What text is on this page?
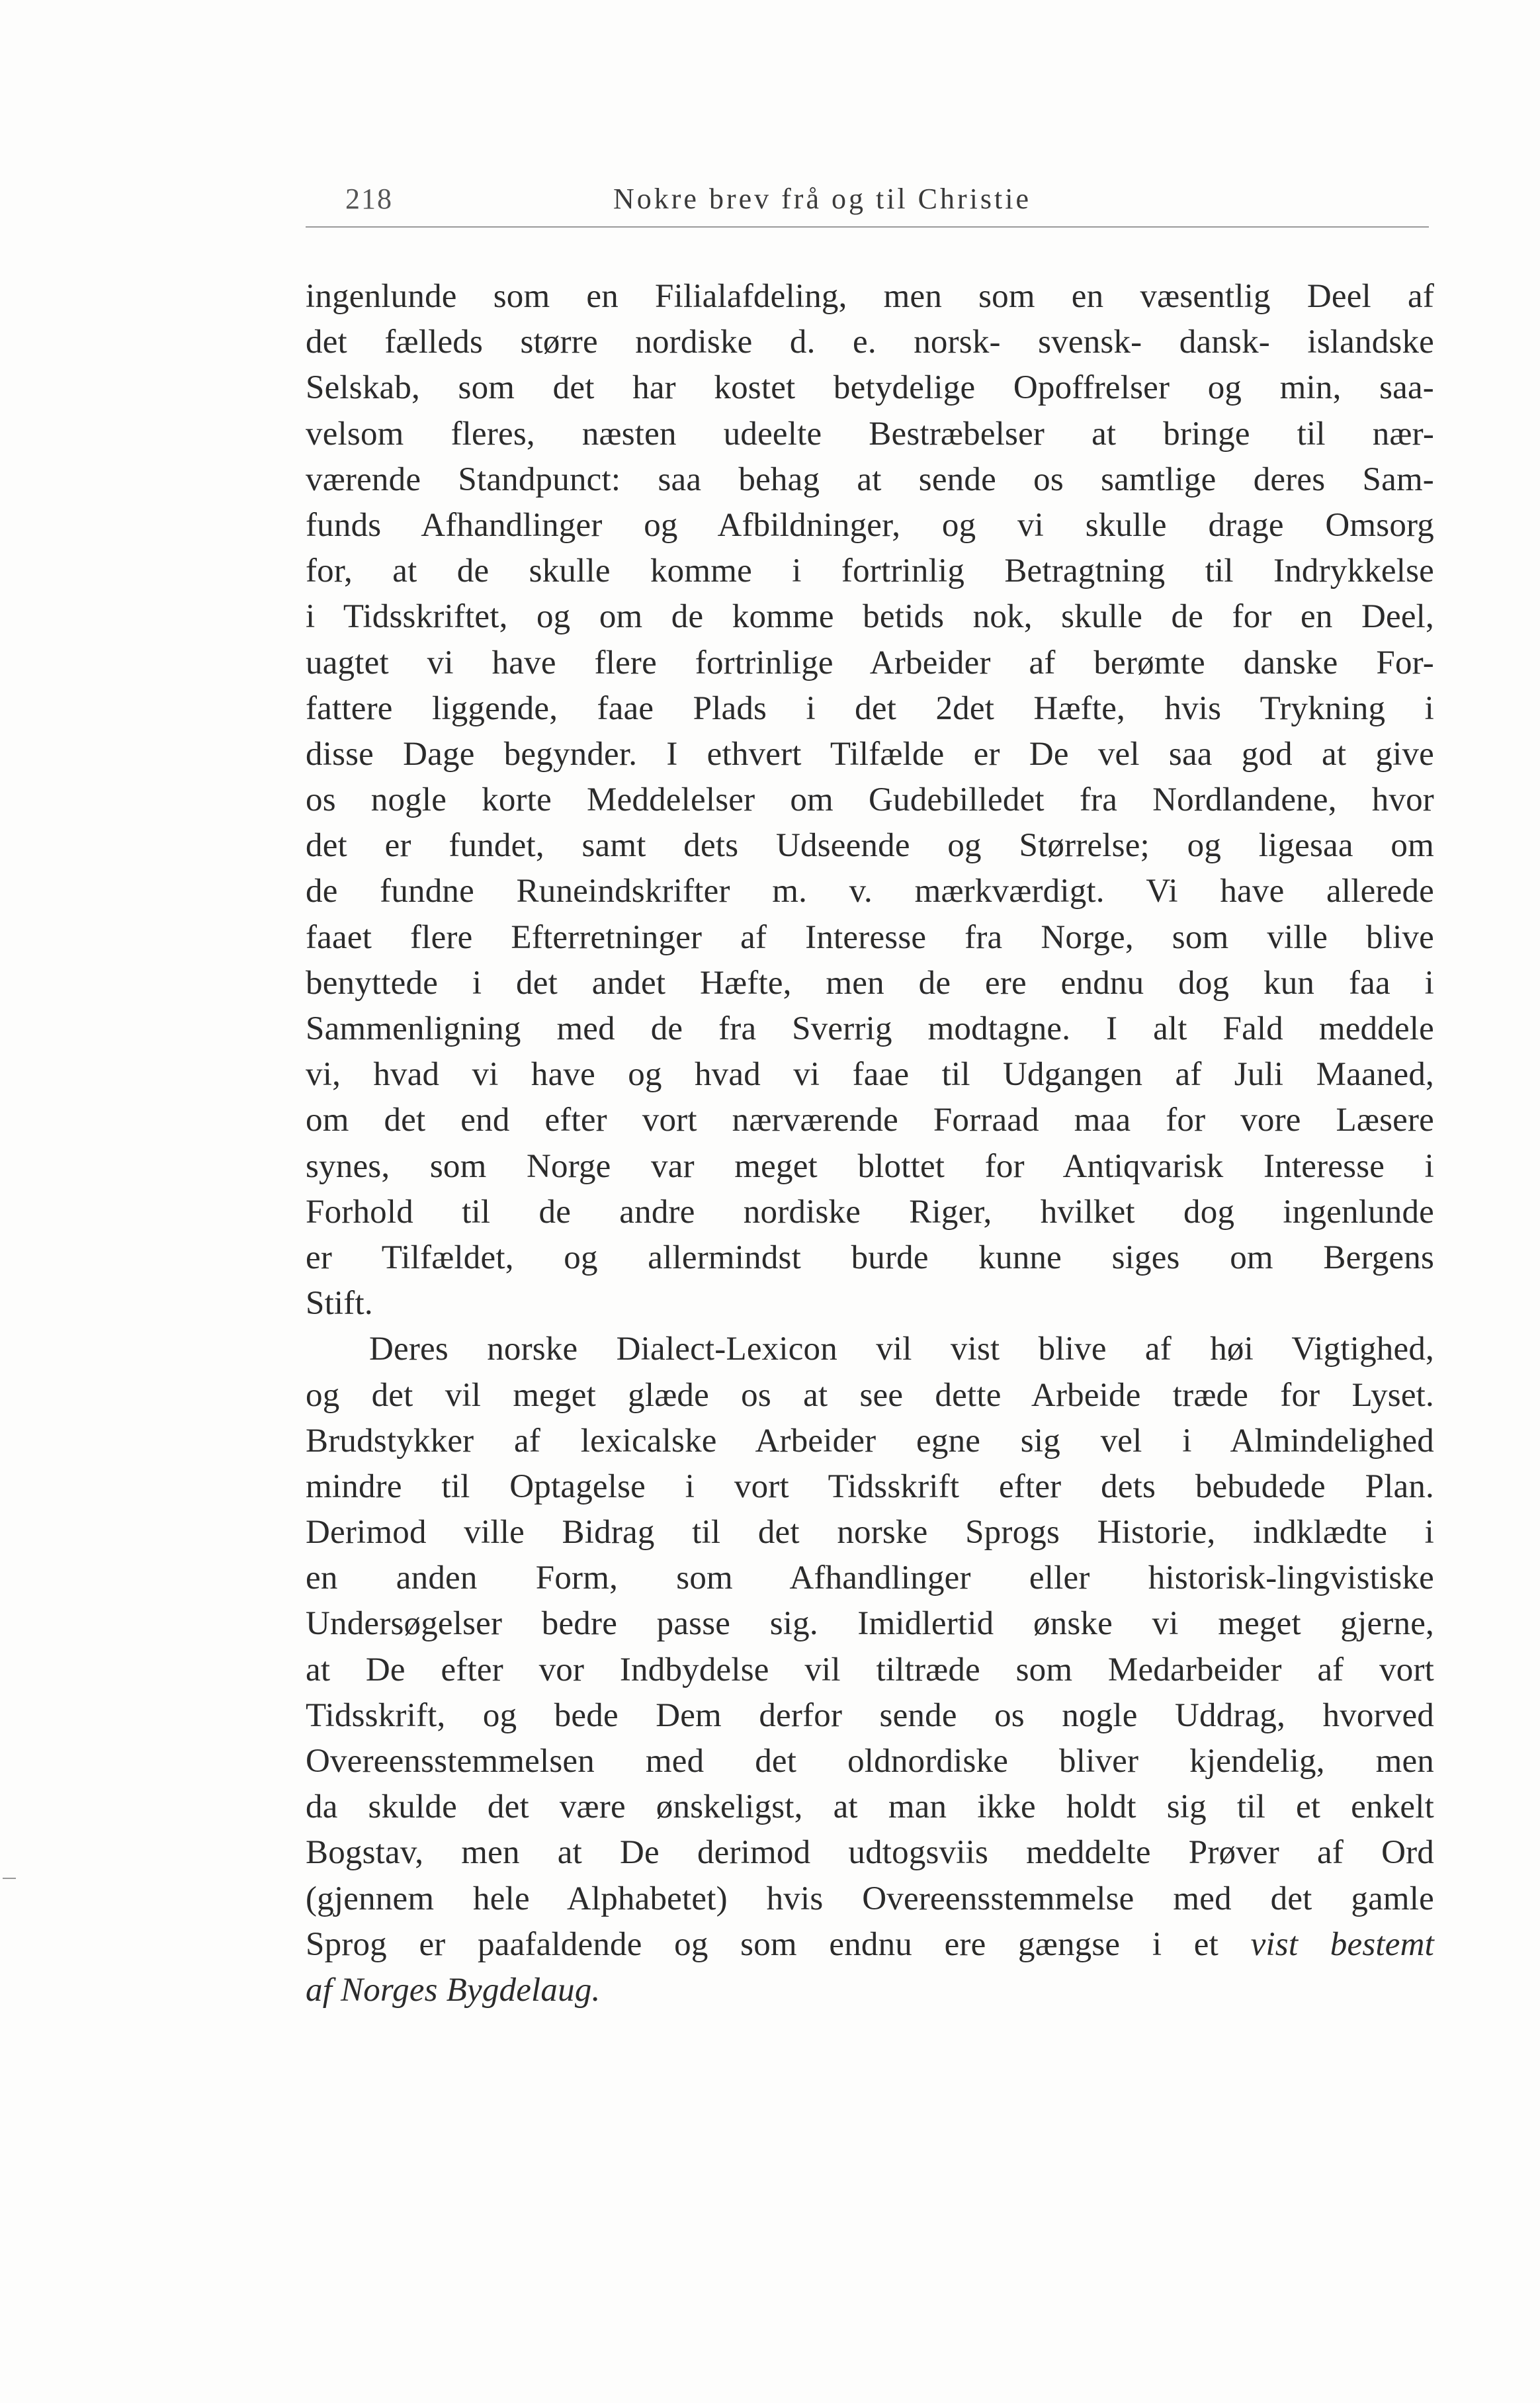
218	Nokre brev frå og til Christie
ingenlunde som en Filialafdeling, men som en væsentlig Deel af
det fælleds større nordiske d. e. norsk- svensk- dansk- islandske
Selskab, som det har kostet betydelige Opoffrelser og min, saa-
velsom fleres, næsten udeelte Bestræbelser at bringe til nær-
værende Standpunct: saa behag at sende os samtlige deres Sam-
funds Afhandlinger og Afbildninger, og vi skulle drage Omsorg
for, at de skulle komme i fortrinlig Betragtning til Indrykkelse
i Tidsskriftet, og om de komme betids nok, skulle de for en Deel,
uagtet vi have flere fortrinlige Arbeider af berømte danske For-
fattere liggende, faae Plads i det 2det Hæfte, hvis Trykning i
disse Dage begynder. I ethvert Tilfælde er De vel saa god at give
os nogle korte Meddelelser om Gudebilledet fra Nordlandene, hvor
det er fundet, samt dets Udseende og Størrelse; og ligesaa om
de fundne Runeindskrifter m. v. mærkværdigt. Vi have allerede
faaet flere Efterretninger af Interesse fra Norge, som ville blive
benyttede i det andet Hæfte, men de ere endnu dog kun faa i
Sammenligning med de fra Sverrig modtagne. I alt Fald meddele
vi, hvad vi have og hvad vi faae til Udgangen af Juli Maaned,
om det end efter vort nærværende Forraad maa for vore Læsere
synes, som Norge var meget blottet for Antiqvarisk Interesse i
Forhold til de andre nordiske Riger, hvilket dog ingenlunde
er Tilfældet, og allermindst burde kunne siges om Bergens
Stift.
Deres norske Dialect-Lexicon vil vist blive af høi Vigtighed,
og det vil meget glæde os at see dette Arbeide træde for Lyset.
Brudstykker af lexicalske Arbeider egne sig vel i Almindelighed
mindre til Optagelse i vort Tidsskrift efter dets bebudede Plan.
Derimod ville Bidrag til det norske Sprogs Historie, indklædte i
en anden Form, som Afhandlinger eller historisk-lingvistiske
Undersøgelser bedre passe sig. Imidlertid ønske vi meget gjerne,
at De efter vor Indbydelse vil tiltræde som Medarbeider af vort
Tidsskrift, og bede Dem derfor sende os nogle Uddrag, hvorved
Overeensstemmelsen med det oldnordiske bliver kjendelig, men
da skulde det være ønskeligst, at man ikke holdt sig til et enkelt
Bogstav, men at De derimod udtogsviis meddelte Prøver af Ord
(gjennem hele Alphabetet) hvis Overeensstemmelse med det gamle
Sprog er paafaldende og som endnu ere gængse i et vist bestemt
af Norges Bygdelaug.
